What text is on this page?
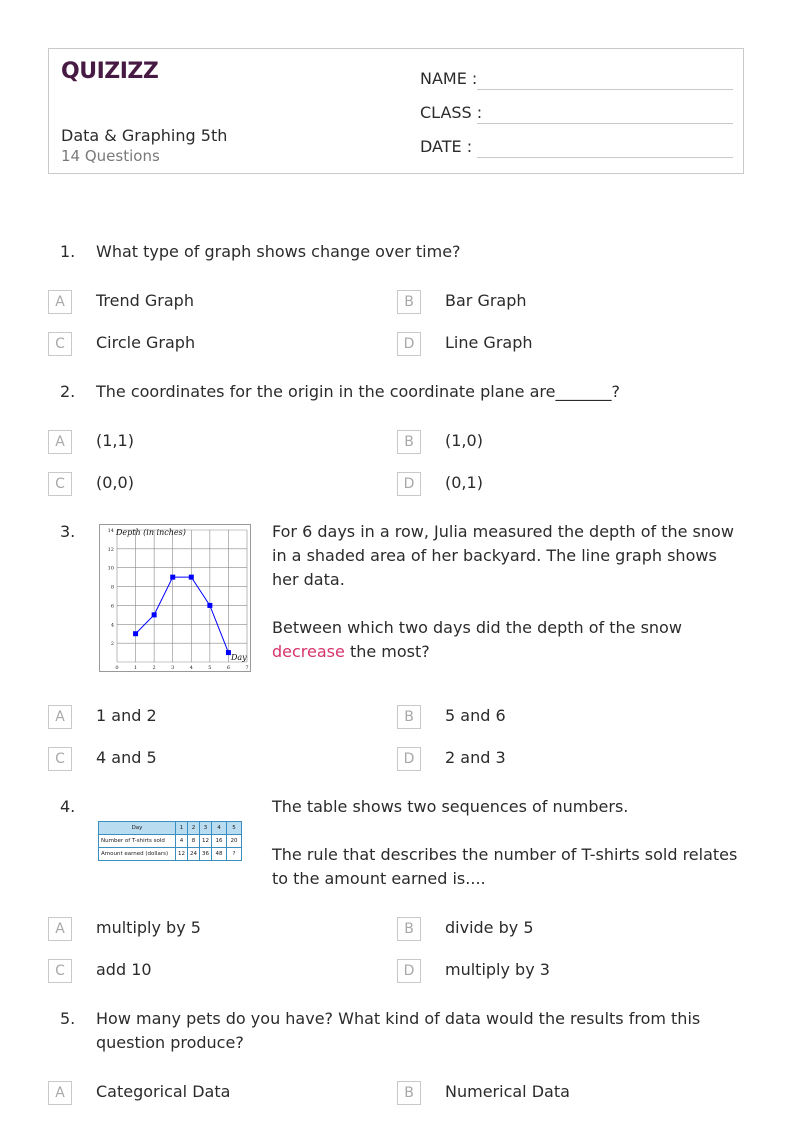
QUIZIZZ
Data & Graphing 5th
14 Questions
NAME :
CLASS :
DATE :
1. What type of graph shows change over time?
A	Trend Graph	B	Bar Graph
C	Circle Graph	D	Line Graph
2. The coordinates for the origin in the coordinate plane are_______?
A	(1,1)	B	(1,0)
C	(0,0)	D	(0,1)
3.
0	1	2	3	4	5	6	7
2
4
6
8
10
12
14 Depth (in inches)
Day
For 6 days in a row, Julia measured the depth of the snow in a shaded area of her backyard. The line graph shows her data.
Between which two days did the depth of the snow decrease the most?
A	1 and 2	B	5 and 6
C	4 and 5	D	2 and 3
4.
Day	1	2	3	4	5
Number of T-shirts sold	4	8	12	16	20
Amount earned (dollars)	12	24	36	48	?
The table shows two sequences of numbers.
The rule that describes the number of T-shirts sold relates to the amount earned is....
A	multiply by 5	B	divide by 5
C	add 10	D	multiply by 3
5. How many pets do you have? What kind of data would the results from this question produce?
A	Categorical Data	B	Numerical Data
